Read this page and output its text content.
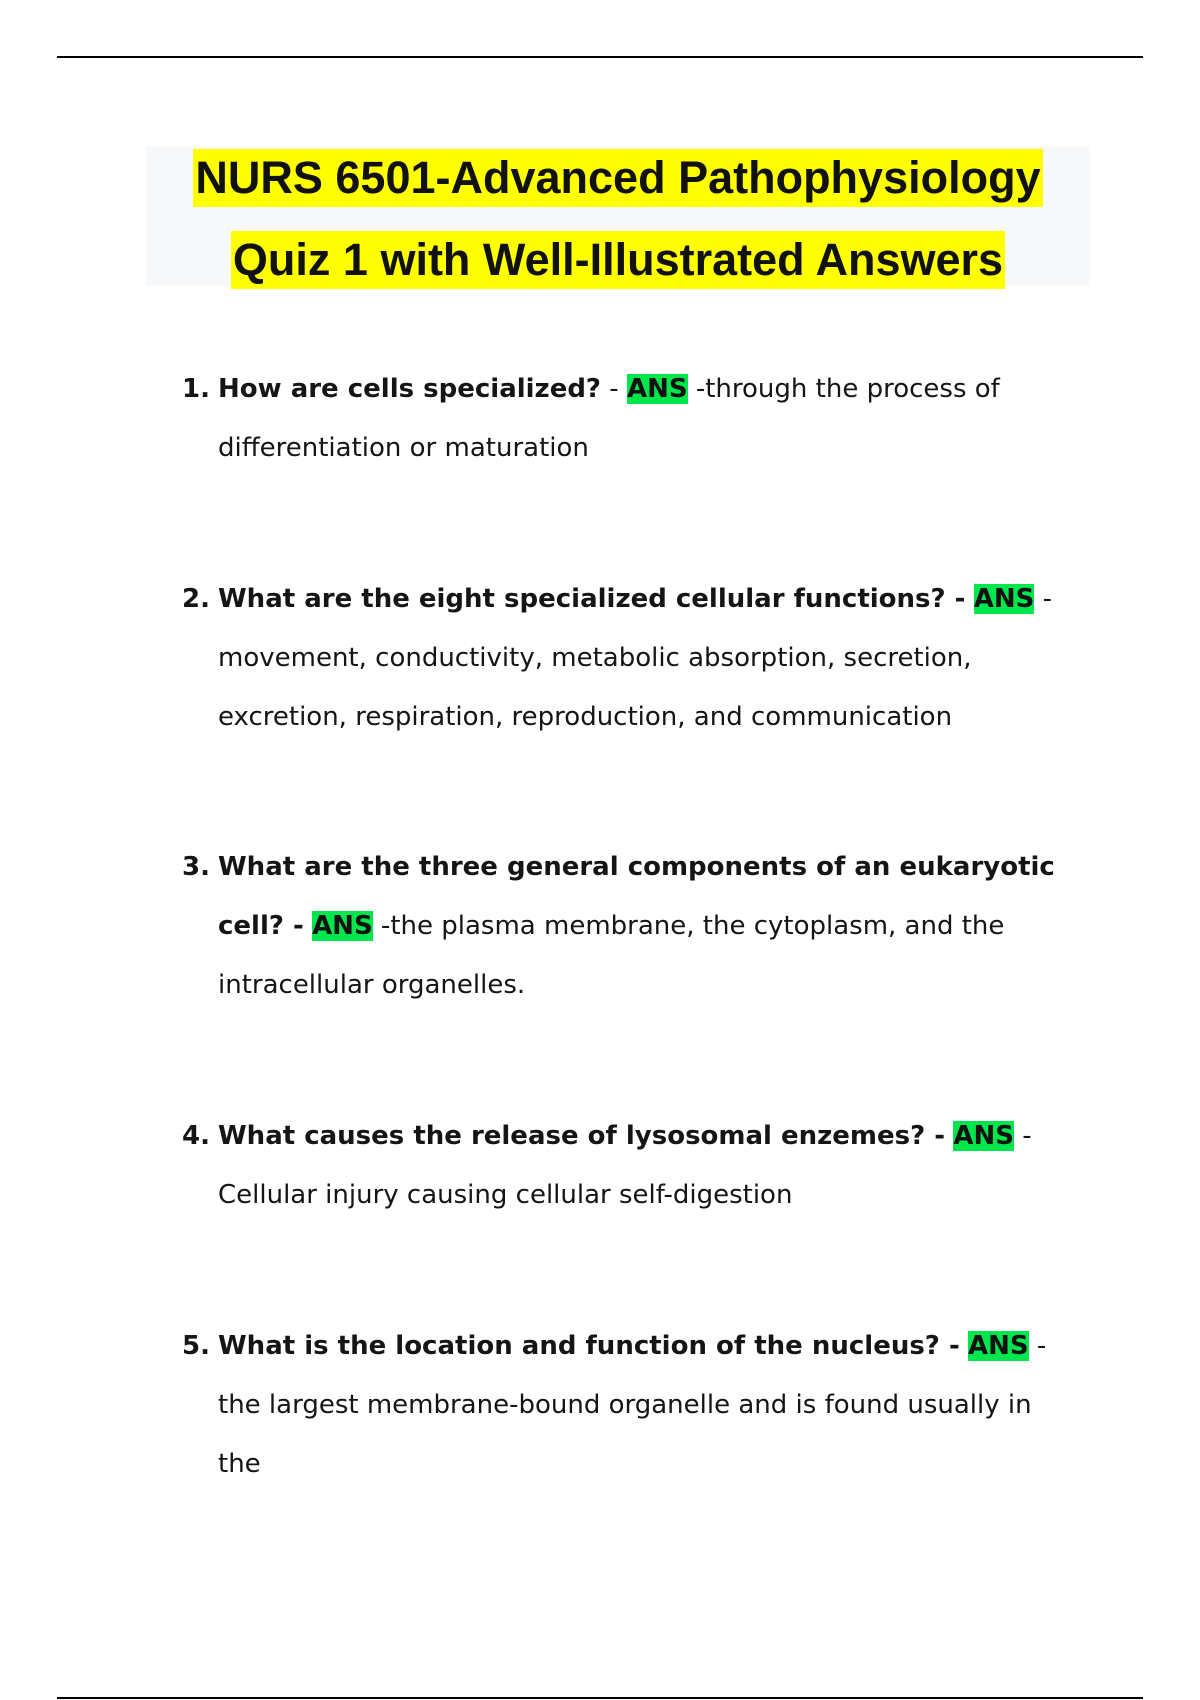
NURS 6501-Advanced Pathophysiology
Quiz 1 with Well-Illustrated Answers
1. How are cells specialized? - ANS -through the process of differentiation or maturation
2. What are the eight specialized cellular functions? - ANS -movement, conductivity, metabolic absorption, secretion, excretion, respiration, reproduction, and communication
3. What are the three general components of an eukaryotic cell? - ANS -the plasma membrane, the cytoplasm, and the intracellular organelles.
4. What causes the release of lysosomal enzemes? - ANS -Cellular injury causing cellular self-digestion
5. What is the location and function of the nucleus? - ANS -the largest membrane-bound organelle and is found usually in the
